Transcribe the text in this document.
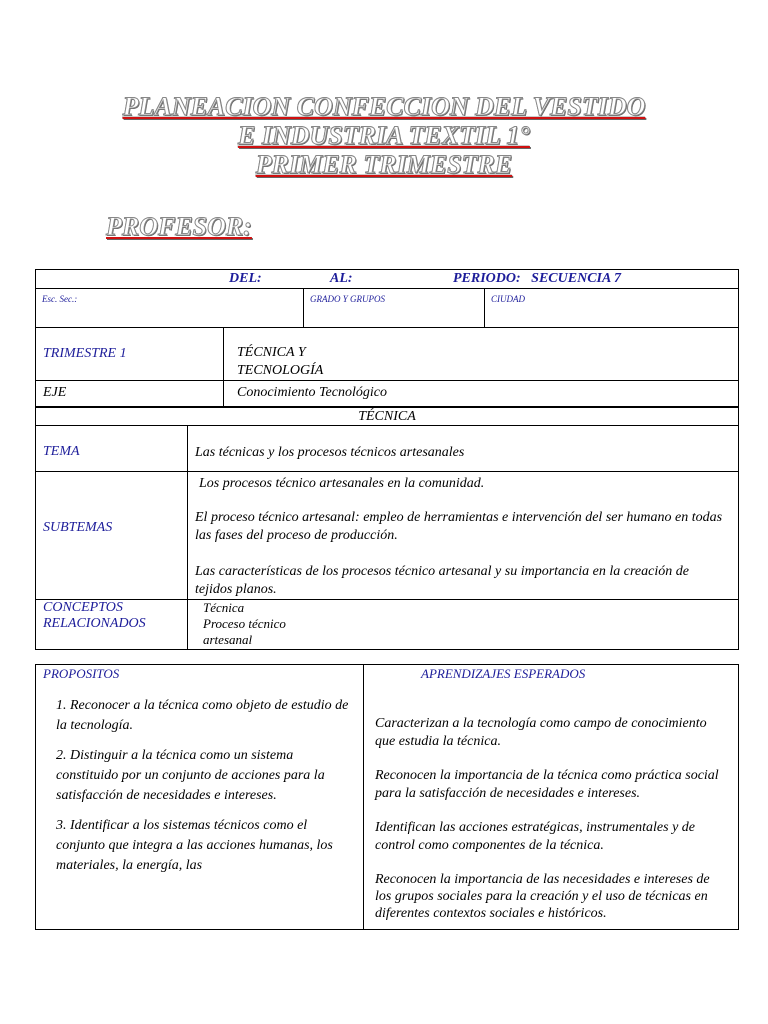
PLANEACION CONFECCION DEL VESTIDO
E INDUSTRIA TEXTIL 1°
PRIMER TRIMESTRE
PROFESOR:
DEL:	AL:	PERIODO:   SECUENCIA 7

Esc. Sec.:	GRADO Y GRUPOS	CIUDAD
TRIMESTRE 1	TÉCNICA Y
TECNOLOGÍA

EJE	Conocimiento Tecnológico
TÉCNICA	
TEMA	Las técnicas y los procesos técnicos artesanales
SUBTEMAS	Los procesos técnico artesanales en la comunidad.

El proceso técnico artesanal: empleo de herramientas e intervención del ser humano en todas las fases del proceso de producción.

Las características de los procesos técnico artesanal y su importancia en la creación de tejidos planos.

CONCEPTOS
RELACIONADOS	Técnica
Proceso técnico
artesanal
PROPOSITOS

1. Reconocer a la técnica como objeto de estudio de la tecnología.

2. Distinguir a la técnica como un sistema constituido por un conjunto de acciones para la satisfacción de necesidades e intereses.

3. Identificar a los sistemas técnicos como el conjunto que integra a las acciones humanas, los materiales, la energía, las

APRENDIZAJES ESPERADOS

Caracterizan a la tecnología como campo de conocimiento que estudia la técnica.

Reconocen la importancia de la técnica como práctica social para la satisfacción de necesidades e intereses.

Identifican las acciones estratégicas, instrumentales y de control como componentes de la técnica.

Reconocen la importancia de las necesidades e intereses de los grupos sociales para la creación y el uso de técnicas en diferentes contextos sociales e históricos.
